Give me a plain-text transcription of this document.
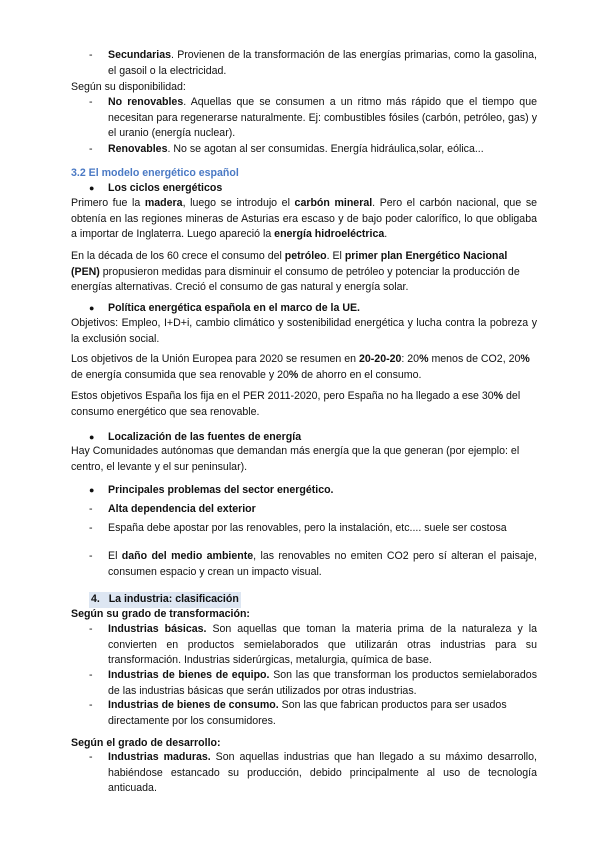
-	Secundarias. Provienen de la transformación de las energías primarias, como la gasolina, el gasoil o la electricidad.

Según su disponibilidad:

-	No renovables. Aquellas que se consumen a un ritmo más rápido que el tiempo que necesitan para regenerarse naturalmente. Ej: combustibles fósiles (carbón, petróleo, gas) y el uranio (energía nuclear).

-	Renovables. No se agotan al ser consumidas. Energía hidráulica,solar, eólica...

3.2 El modelo energético español

●	Los ciclos energéticos

Primero fue la madera, luego se introdujo el carbón mineral. Pero el carbón nacional, que se obtenía en las regiones mineras de Asturias era escaso y de bajo poder calorífico, lo que obligaba a importar de Inglaterra. Luego apareció la energía hidroeléctrica.

En la década de los 60 crece el consumo del petróleo. El primer plan Energético Nacional (PEN) propusieron medidas para disminuir el consumo de petróleo y potenciar la producción de energías alternativas. Creció el consumo de gas natural y energía solar.

●	Política energética española en el marco de la UE.

Objetivos: Empleo, I+D+i, cambio climático y sostenibilidad energética y lucha contra la pobreza y la exclusión social.

Los objetivos de la Unión Europea para 2020 se resumen en 20-20-20: 20% menos de CO2, 20% de energía consumida que sea renovable y 20% de ahorro en el consumo.

Estos objetivos España los fija en el PER 2011-2020, pero España no ha llegado a ese 30% del consumo energético que sea renovable.

●	Localización de las fuentes de energía

Hay Comunidades autónomas que demandan más energía que la que generan (por ejemplo: el centro, el levante y el sur peninsular).

●	Principales problemas del sector energético.

-	Alta dependencia del exterior

-	España debe apostar por las renovables, pero la instalación, etc.... suele ser costosa

-	El daño del medio ambiente, las renovables no emiten CO2 pero sí alteran el paisaje, consumen espacio y crean un impacto visual.

4. La industria: clasificación

Según su grado de transformación:

-	Industrias básicas. Son aquellas que toman la materia prima de la naturaleza y la convierten en productos semielaborados que utilizarán otras industrias para su transformación. Industrias siderúrgicas, metalurgia, química de base.

-	Industrias de bienes de equipo. Son las que transforman los productos semielaborados de las industrias básicas que serán utilizados por otras industrias.

-	Industrias de bienes de consumo. Son las que fabrican productos para ser usados directamente por los consumidores.

Según el grado de desarrollo:

-	Industrias maduras. Son aquellas industrias que han llegado a su máximo desarrollo, habiéndose estancado su producción, debido principalmente al uso de tecnología anticuada.
